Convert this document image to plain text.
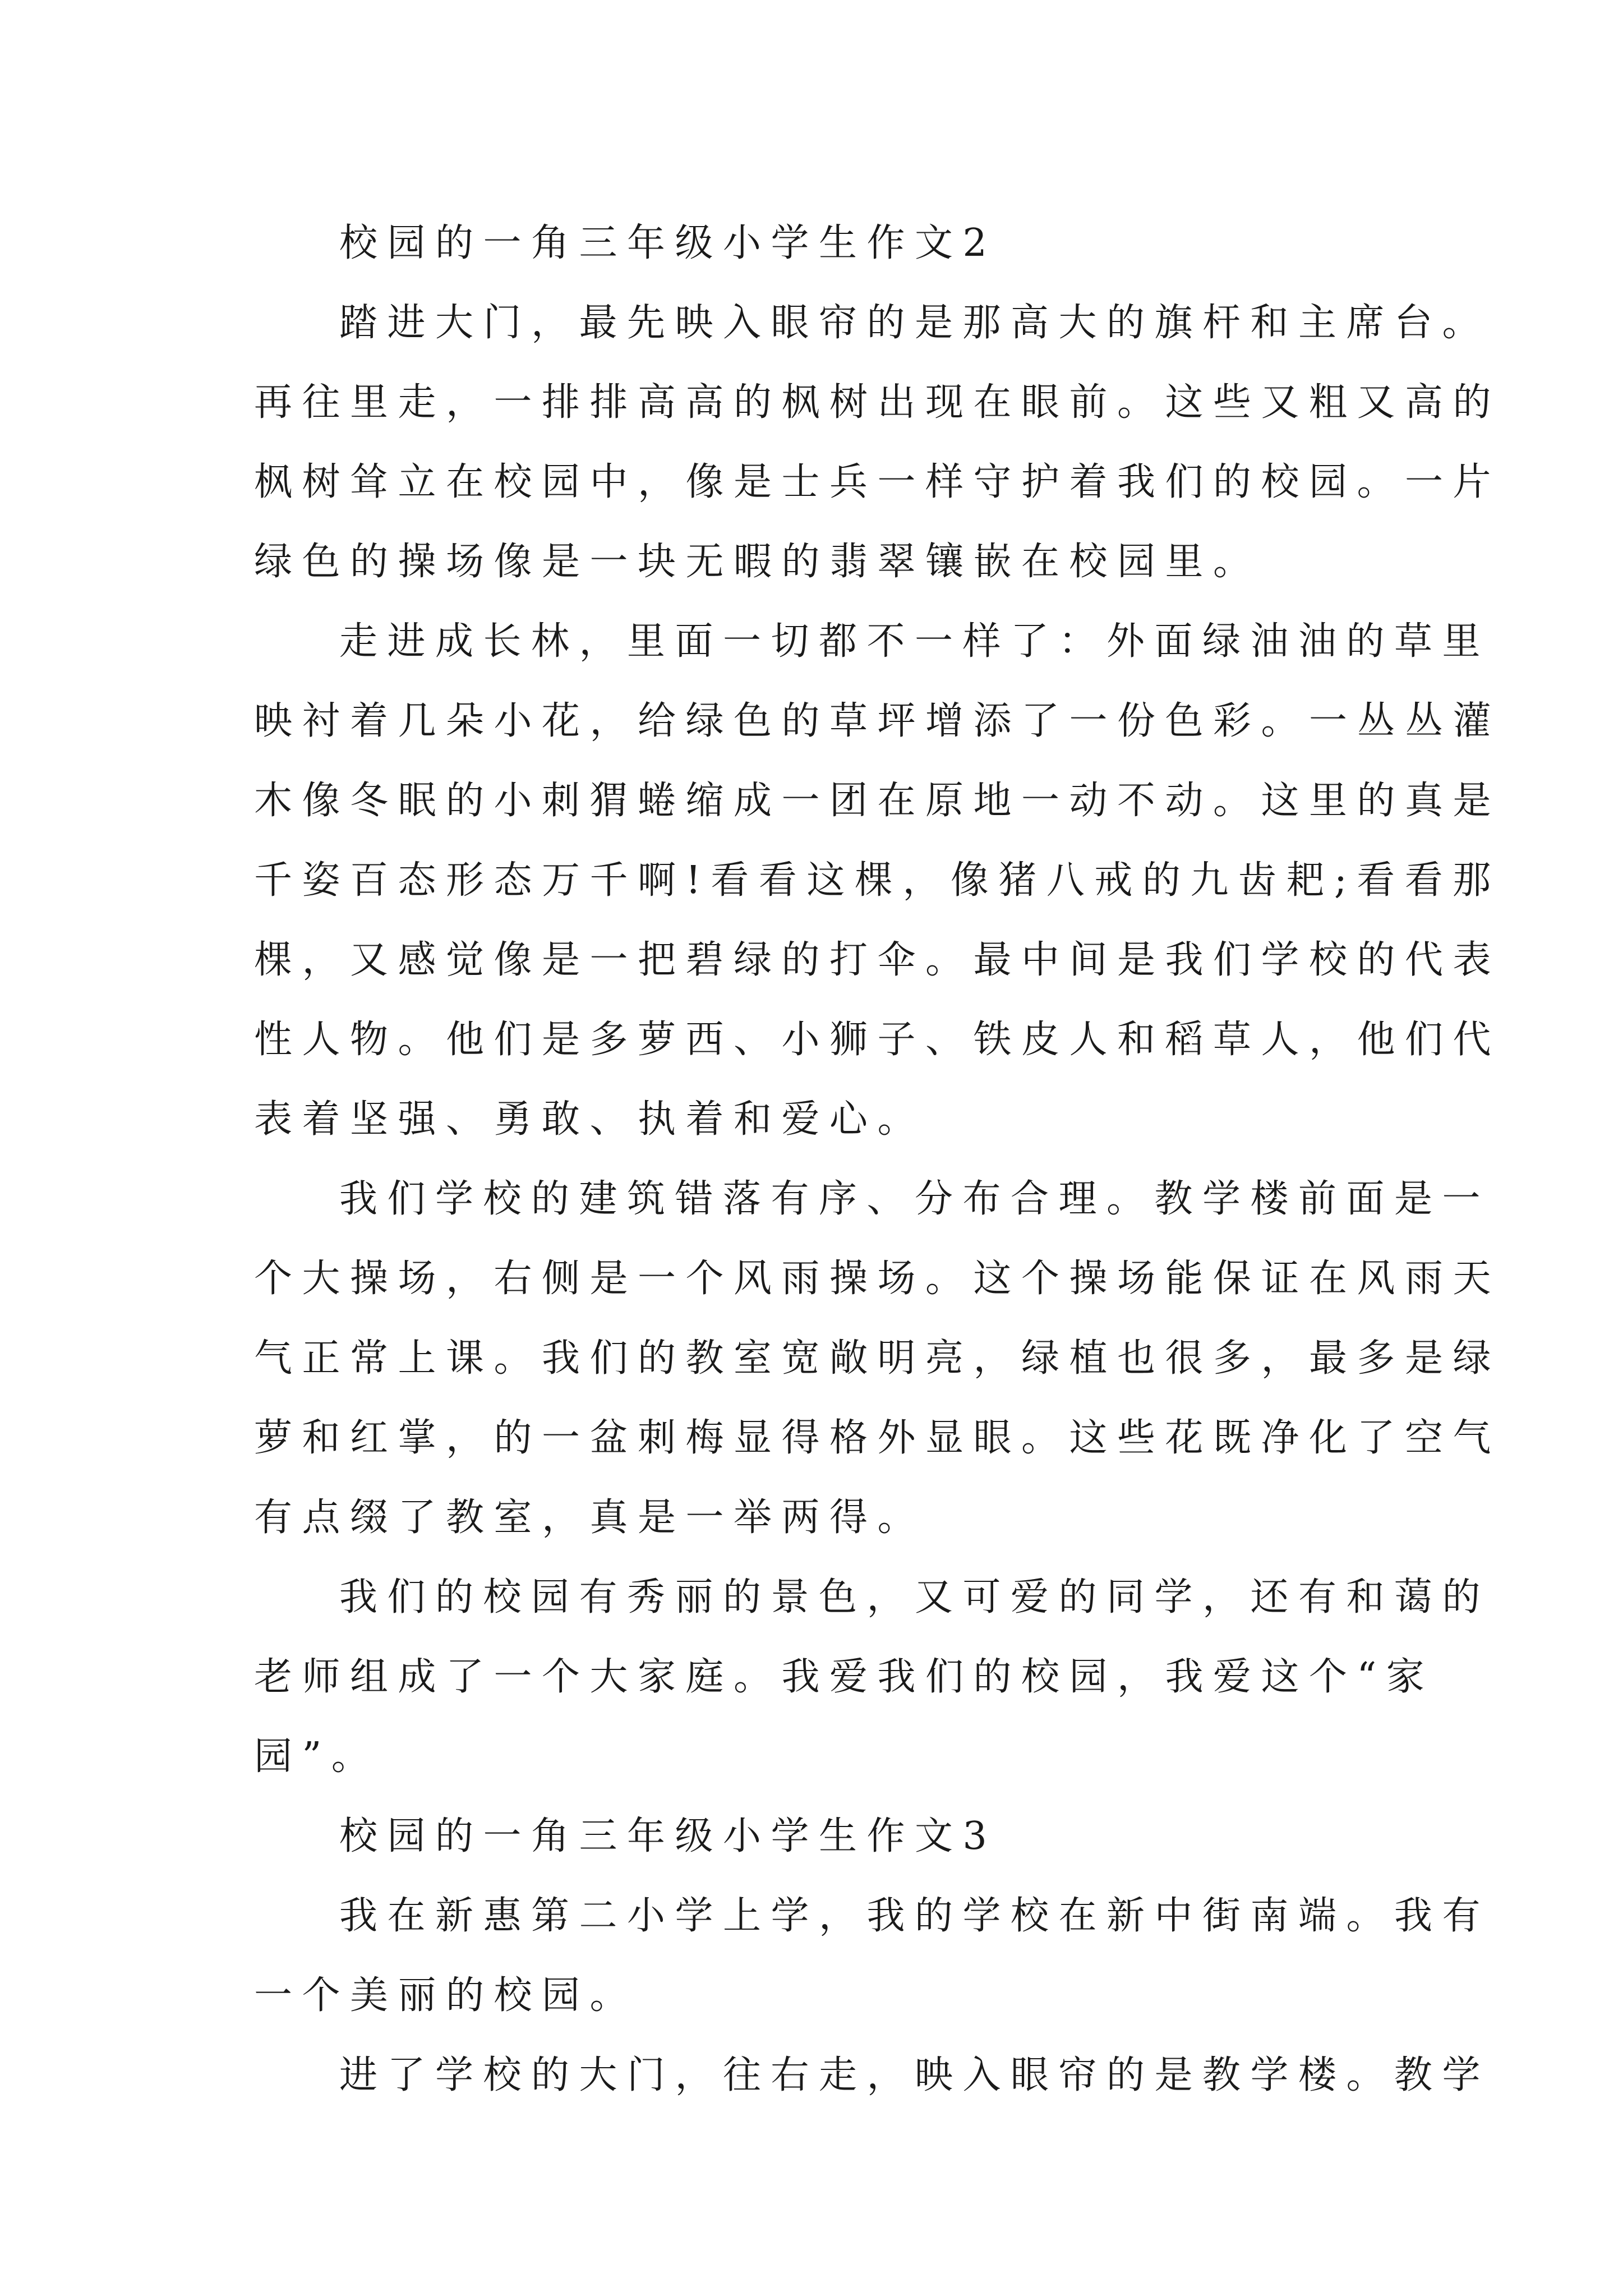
校园的一角三年级小学生作文2

踏进大门，最先映入眼帘的是那高大的旗杆和主席台。

再往里走，一排排高高的枫树出现在眼前。这些又粗又高的

枫树耸立在校园中，像是士兵一样守护着我们的校园。一片

绿色的操场像是一块无暇的翡翠镶嵌在校园里。

走进成长林，里面一切都不一样了：外面绿油油的草里

映衬着几朵小花，给绿色的草坪增添了一份色彩。一丛丛灌

木像冬眠的小刺猬蜷缩成一团在原地一动不动。这里的真是

千姿百态形态万千啊!看看这棵，像猪八戒的九齿耙;看看那

棵，又感觉像是一把碧绿的打伞。最中间是我们学校的代表

性人物。他们是多萝西、小狮子、铁皮人和稻草人，他们代

表着坚强、勇敢、执着和爱心。

我们学校的建筑错落有序、分布合理。教学楼前面是一

个大操场，右侧是一个风雨操场。这个操场能保证在风雨天

气正常上课。我们的教室宽敞明亮，绿植也很多，最多是绿

萝和红掌，的一盆刺梅显得格外显眼。这些花既净化了空气

有点缀了教室，真是一举两得。

我们的校园有秀丽的景色，又可爱的同学，还有和蔼的

老师组成了一个大家庭。我爱我们的校园，我爱这个“家

园”。

校园的一角三年级小学生作文3

我在新惠第二小学上学，我的学校在新中街南端。我有

一个美丽的校园。

进了学校的大门，往右走，映入眼帘的是教学楼。教学
